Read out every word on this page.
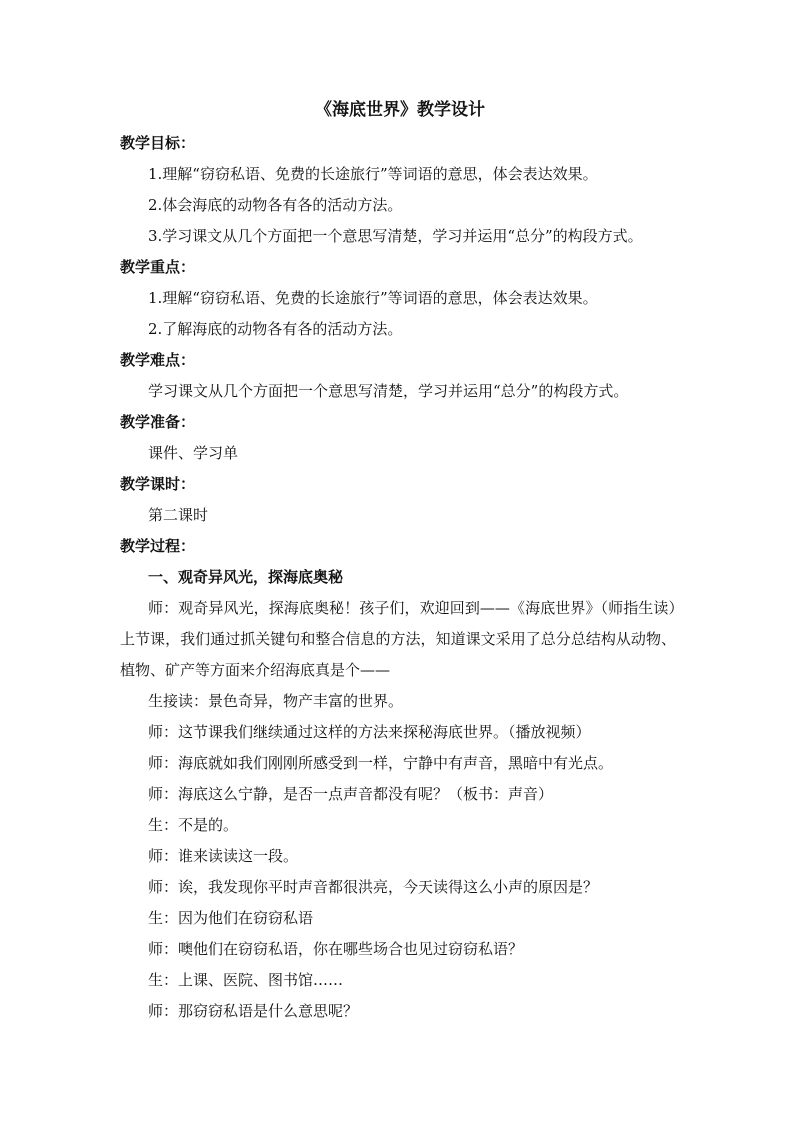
《海底世界》教学设计
教学目标：
1.理解“窃窃私语、免费的长途旅行”等词语的意思，体会表达效果。
2.体会海底的动物各有各的活动方法。
3.学习课文从几个方面把一个意思写清楚，学习并运用“总分”的构段方式。
教学重点：
1.理解“窃窃私语、免费的长途旅行”等词语的意思，体会表达效果。
2.了解海底的动物各有各的活动方法。
教学难点：
学习课文从几个方面把一个意思写清楚，学习并运用“总分”的构段方式。
教学准备：
课件、学习单
教学课时：
第二课时
教学过程：
一、观奇异风光，探海底奥秘
师：观奇异风光，探海底奥秘！孩子们，欢迎回到——《海底世界》（师指生读）上节课，我们通过抓关键句和整合信息的方法，知道课文采用了总分总结构从动物、植物、矿产等方面来介绍海底真是个——
生接读：景色奇异，物产丰富的世界。
师：这节课我们继续通过这样的方法来探秘海底世界。（播放视频）
师：海底就如我们刚刚所感受到一样，宁静中有声音，黑暗中有光点。
师：海底这么宁静，是否一点声音都没有呢？（板书：声音）
生：不是的。
师：谁来读读这一段。
师：诶，我发现你平时声音都很洪亮，今天读得这么小声的原因是？
生：因为他们在窃窃私语
师：噢他们在窃窃私语，你在哪些场合也见过窃窃私语？
生：上课、医院、图书馆……
师：那窃窃私语是什么意思呢？
